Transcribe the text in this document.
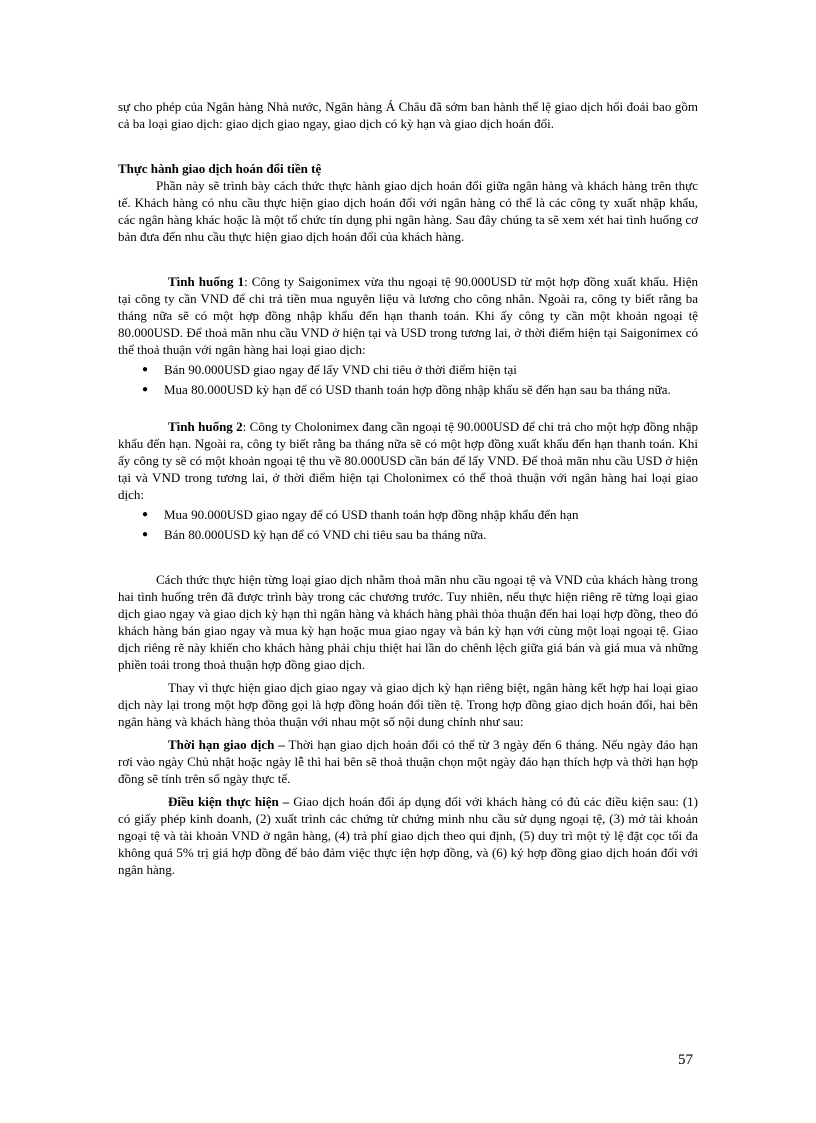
sự cho phép của Ngân hàng Nhà nước, Ngân hàng Á Châu đã sớm ban hành thể lệ giao dịch hối đoái bao gồm cả ba loại giao dịch: giao dịch giao ngay, giao dịch có kỳ hạn và giao dịch hoán đổi.

Thực hành giao dịch hoán đổi tiền tệ

Phần này sẽ trình bày cách thức thực hành giao dịch hoán đổi giữa ngân hàng và khách hàng trên thực tế. Khách hàng có nhu cầu thực hiện giao dịch hoán đổi với ngân hàng có thể là các công ty xuất nhập khẩu, các ngân hàng khác hoặc là một tổ chức tín dụng phi ngân hàng. Sau đây chúng ta sẽ xem xét hai tình huống cơ bản đưa đến nhu cầu thực hiện giao dịch hoán đổi của khách hàng.

Tình huống 1: Công ty Saigonimex vừa thu ngoại tệ 90.000USD từ một hợp đồng xuất khẩu. Hiện tại công ty cần VND để chi trả tiền mua nguyên liệu và lương cho công nhân. Ngoài ra, công ty biết rằng ba tháng nữa sẽ có một hợp đồng nhập khẩu đến hạn thanh toán. Khi ấy công ty cần một khoản ngoại tệ 80.000USD. Để thoả mãn nhu cầu VND ở hiện tại và USD trong tương lai, ở thời điểm hiện tại Saigonimex có thể thoả thuận với ngân hàng hai loại giao dịch:

● Bán 90.000USD giao ngay để lấy VND chi tiêu ở thời điểm hiện tại
● Mua 80.000USD kỳ hạn để có USD thanh toán hợp đồng nhập khẩu sẽ đến hạn sau ba tháng nữa.

Tình huống 2: Công ty Cholonimex đang cần ngoại tệ 90.000USD để chi trả cho một hợp đồng nhập khẩu đến hạn. Ngoài ra, công ty biết rằng ba tháng nữa sẽ có một hợp đồng xuất khẩu đến hạn thanh toán. Khi ấy công ty sẽ có một khoản ngoại tệ thu về 80.000USD cần bán để lấy VND. Để thoả mãn nhu cầu USD ở hiện tại và VND trong tương lai, ở thời điểm hiện tại Cholonimex có thể thoả thuận với ngân hàng hai loại giao dịch:

● Mua 90.000USD giao ngay để có USD thanh toán hợp đồng nhập khẩu đến hạn
● Bán 80.000USD kỳ hạn để có VND chi tiêu sau ba tháng nữa.

Cách thức thực hiện từng loại giao dịch nhằm thoả mãn nhu cầu ngoại tệ và VND của khách hàng trong hai tình huống trên đã được trình bày trong các chương trước. Tuy nhiên, nếu thực hiện riêng rẽ từng loại giao dịch giao ngay và giao dịch kỳ hạn thì ngân hàng và khách hàng phải thỏa thuận đến hai loại hợp đồng, theo đó khách hàng bán giao ngay và mua kỳ hạn hoặc mua giao ngay và bán kỳ hạn với cùng một loại ngoại tệ. Giao dịch riêng rẽ này khiến cho khách hàng phải chịu thiệt hai lần do chênh lệch giữa giá bán và giá mua và những phiền toái trong thoả thuận hợp đồng giao dịch.

Thay vì thực hiện giao dịch giao ngay và giao dịch kỳ hạn riêng biệt, ngân hàng kết hợp hai loại giao dịch này lại trong một hợp đồng gọi là hợp đồng hoán đổi tiền tệ. Trong hợp đồng giao dịch hoán đổi, hai bên ngân hàng và khách hàng thỏa thuận với nhau một số nội dung chính như sau:

Thời hạn giao dịch – Thời hạn giao dịch hoán đổi có thể từ 3 ngày đến 6 tháng. Nếu ngày đáo hạn rơi vào ngày Chủ nhật hoặc ngày lễ thì hai bên sẽ thoả thuận chọn một ngày đáo hạn thích hợp và thời hạn hợp đồng sẽ tính trên số ngày thực tế.

Điều kiện thực hiện – Giao dịch hoán đổi áp dụng đối với khách hàng có đủ các điều kiện sau: (1) có giấy phép kinh doanh, (2) xuất trình các chứng từ chứng minh nhu cầu sử dụng ngoại tệ, (3) mở tài khoản ngoại tệ và tài khoản VND ở ngân hàng, (4) trả phí giao dịch theo qui định, (5) duy trì một tỷ lệ đặt cọc tối đa không quá 5% trị giá hợp đồng để bảo đảm việc thực iện hợp đồng, và (6) ký hợp đồng giao dịch hoán đổi với ngân hàng.

57
